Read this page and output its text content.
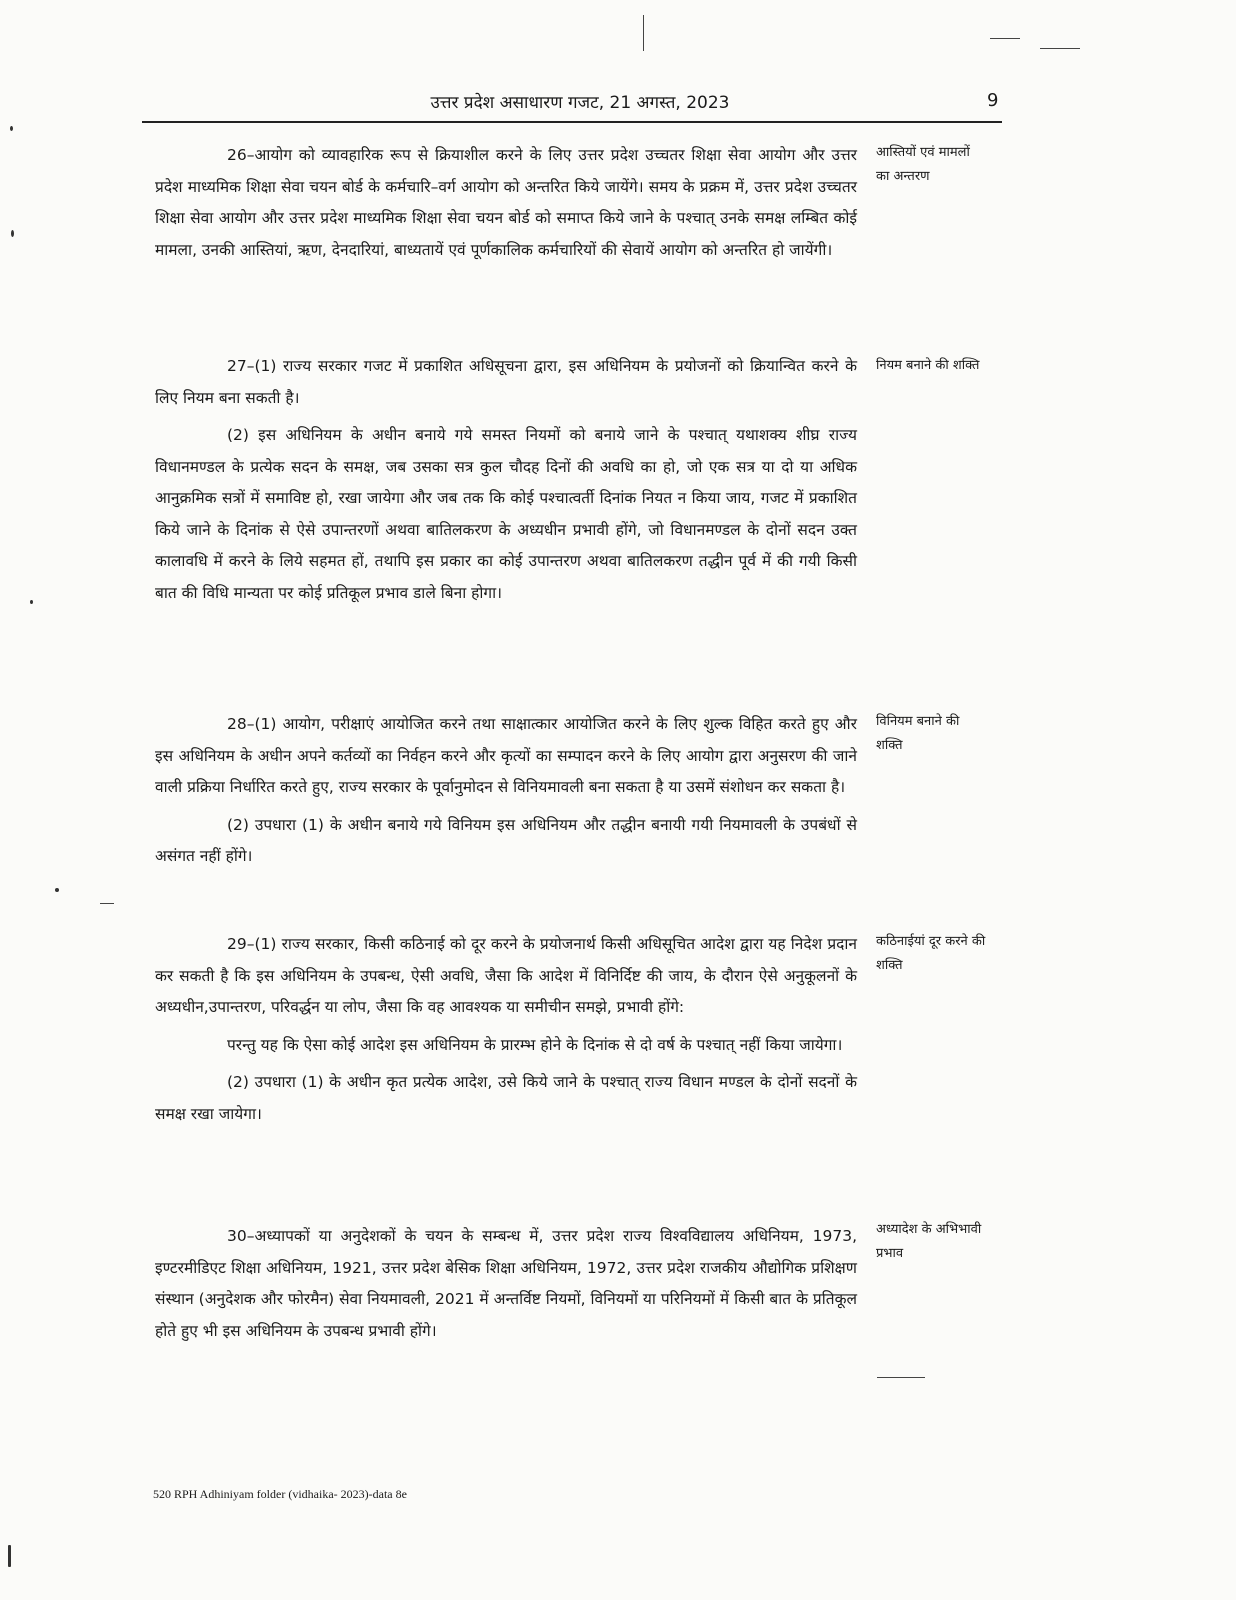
उत्तर प्रदेश असाधारण गजट, 21 अगस्त, 2023	9

26–आयोग को व्यावहारिक रूप से क्रियाशील करने के लिए उत्तर प्रदेश उच्चतर शिक्षा सेवा आयोग और उत्तर प्रदेश माध्यमिक शिक्षा सेवा चयन बोर्ड के कर्मचारि–वर्ग आयोग को अन्तरित किये जायेंगे। समय के प्रक्रम में, उत्तर प्रदेश उच्चतर शिक्षा सेवा आयोग और उत्तर प्रदेश माध्यमिक शिक्षा सेवा चयन बोर्ड को समाप्त किये जाने के पश्चात् उनके समक्ष लम्बित कोई मामला, उनकी आस्तियां, ऋण, देनदारियां, बाध्यतायें एवं पूर्णकालिक कर्मचारियों की सेवायें आयोग को अन्तरित हो जायेंगी।

आस्तियों एवं मामलों का अन्तरण

27–(1) राज्य सरकार गजट में प्रकाशित अधिसूचना द्वारा, इस अधिनियम के प्रयोजनों को क्रियान्वित करने के लिए नियम बना सकती है।

(2) इस अधिनियम के अधीन बनाये गये समस्त नियमों को बनाये जाने के पश्चात् यथाशक्य शीघ्र राज्य विधानमण्डल के प्रत्येक सदन के समक्ष, जब उसका सत्र कुल चौदह दिनों की अवधि का हो, जो एक सत्र या दो या अधिक आनुक्रमिक सत्रों में समाविष्ट हो, रखा जायेगा और जब तक कि कोई पश्चात्वर्ती दिनांक नियत न किया जाय, गजट में प्रकाशित किये जाने के दिनांक से ऐसे उपान्तरणों अथवा बातिलकरण के अध्यधीन प्रभावी होंगे, जो विधानमण्डल के दोनों सदन उक्त कालावधि में करने के लिये सहमत हों, तथापि इस प्रकार का कोई उपान्तरण अथवा बातिलकरण तद्धीन पूर्व में की गयी किसी बात की विधि मान्यता पर कोई प्रतिकूल प्रभाव डाले बिना होगा।

नियम बनाने की शक्ति

28–(1) आयोग, परीक्षाएं आयोजित करने तथा साक्षात्कार आयोजित करने के लिए शुल्क विहित करते हुए और इस अधिनियम के अधीन अपने कर्तव्यों का निर्वहन करने और कृत्यों का सम्पादन करने के लिए आयोग द्वारा अनुसरण की जाने वाली प्रक्रिया निर्धारित करते हुए, राज्य सरकार के पूर्वानुमोदन से विनियमावली बना सकता है या उसमें संशोधन कर सकता है।

(2) उपधारा (1) के अधीन बनाये गये विनियम इस अधिनियम और तद्धीन बनायी गयी नियमावली के उपबंधों से असंगत नहीं होंगे।

विनियम बनाने की शक्ति

29–(1) राज्य सरकार, किसी कठिनाई को दूर करने के प्रयोजनार्थ किसी अधिसूचित आदेश द्वारा यह निदेश प्रदान कर सकती है कि इस अधिनियम के उपबन्ध, ऐसी अवधि, जैसा कि आदेश में विनिर्दिष्ट की जाय, के दौरान ऐसे अनुकूलनों के अध्यधीन,उपान्तरण, परिवर्द्धन या लोप, जैसा कि वह आवश्यक या समीचीन समझे, प्रभावी होंगे:

परन्तु यह कि ऐसा कोई आदेश इस अधिनियम के प्रारम्भ होने के दिनांक से दो वर्ष के पश्चात् नहीं किया जायेगा।

(2) उपधारा (1) के अधीन कृत प्रत्येक आदेश, उसे किये जाने के पश्चात् राज्य विधान मण्डल के दोनों सदनों के समक्ष रखा जायेगा।

कठिनाईयां दूर करने की शक्ति

30–अध्यापकों या अनुदेशकों के चयन के सम्बन्ध में, उत्तर प्रदेश राज्य विश्वविद्यालय अधिनियम, 1973, इण्टरमीडिएट शिक्षा अधिनियम, 1921, उत्तर प्रदेश बेसिक शिक्षा अधिनियम, 1972, उत्तर प्रदेश राजकीय औद्योगिक प्रशिक्षण संस्थान (अनुदेशक और फोरमैन) सेवा नियमावली, 2021 में अन्तर्विष्ट नियमों, विनियमों या परिनियमों में किसी बात के प्रतिकूल होते हुए भी इस अधिनियम के उपबन्ध प्रभावी होंगे।

अध्यादेश के अभिभावी प्रभाव
520 RPH Adhiniyam folder (vidhaika- 2023)-data 8e
